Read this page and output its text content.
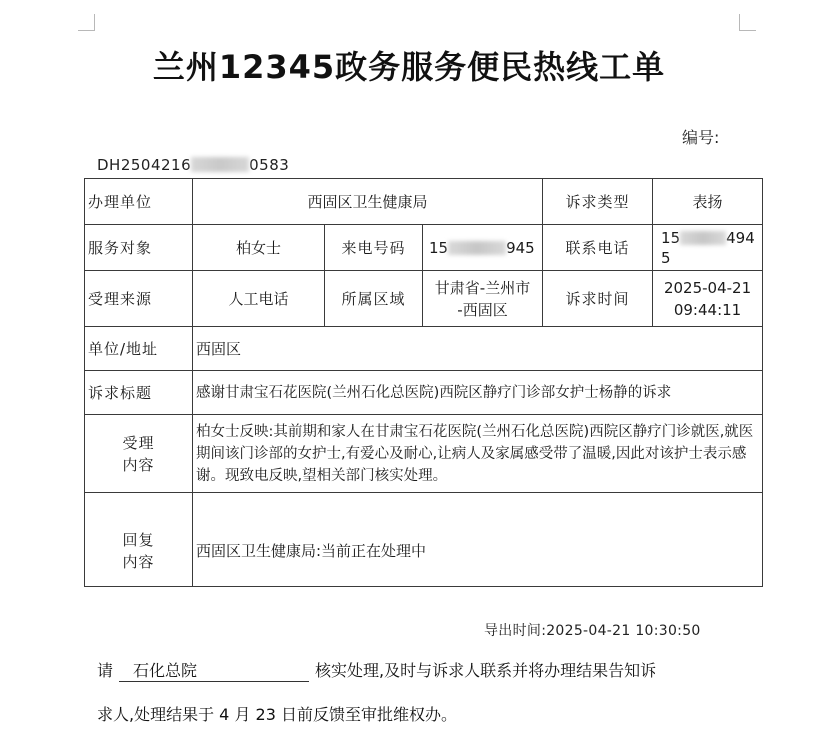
兰州12345政务服务便民热线工单
编号:
DH2504216	0583
办理单位	西固区卫生健康局			诉求类型	表扬
服务对象	柏女士	来电号码	15 945	联系电话	15 494
5
受理来源	人工电话	所属区域	甘肃省-兰州市
-西固区	诉求时间	2025-04-21
09:44:11
单位/地址	西固区				
诉求标题	感谢甘肃宝石花医院(兰州石化总医院)西院区静疗门诊部女护士杨静的诉求				
受理
内容	柏女士反映:其前期和家人在甘肃宝石花医院(兰州石化总医院)西院区静疗门诊就医,就医期间该门诊部的女护士,有爱心及耐心,让病人及家属感受带了温暖,因此对该护士表示感谢。现致电反映,望相关部门核实处理。				
回复
内容	西固区卫生健康局:当前正在处理中				
导出时间:2025-04-21 10:30:50
请 石化总院	核实处理,及时与诉求人联系并将办理结果告知诉
求人,处理结果于 4 月 23 日前反馈至审批维权办。
